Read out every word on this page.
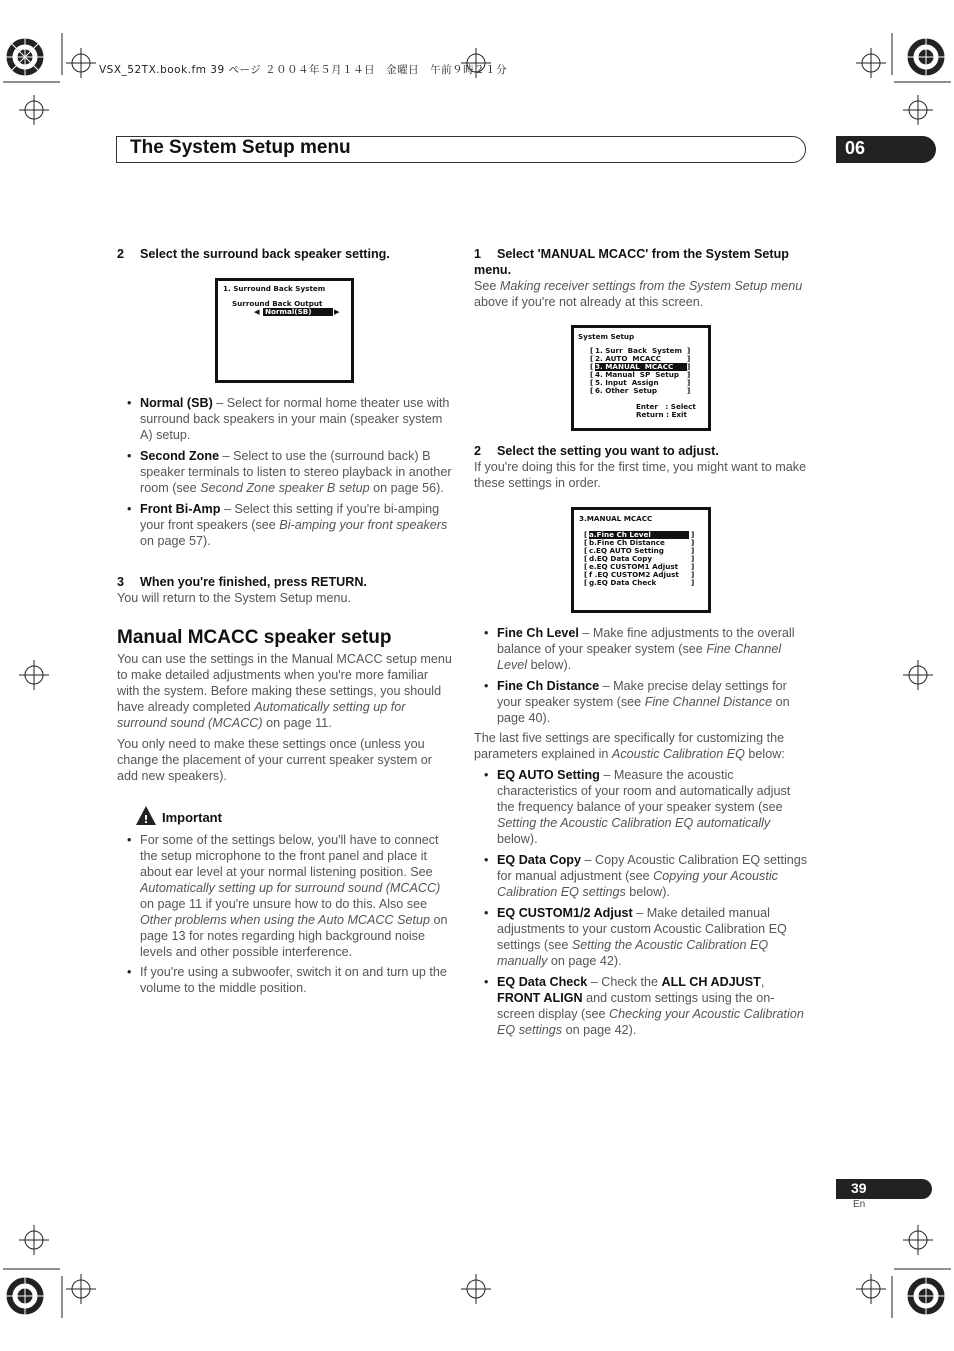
VSX_52TX.book.fm 39 ページ ２００４年５月１４日　金曜日　午前９時２１分
The System Setup menu	06
2 Select the surround back speaker setting.
1. Surround Back System
Surround Back Output
◀ Normal(SB)	▶
• Normal (SB) – Select for normal home theater use with surround back speakers in your main (speaker system A) setup.
• Second Zone – Select to use the (surround back) B speaker terminals to listen to stereo playback in another room (see Second Zone speaker B setup on page 56).
• Front Bi-Amp – Select this setting if you're bi-amping your front speakers (see Bi-amping your front speakers on page 57).
3 When you're finished, press RETURN.
You will return to the System Setup menu.
Manual MCACC speaker setup
You can use the settings in the Manual MCACC setup menu to make detailed adjustments when you're more familiar with the system. Before making these settings, you should have already completed Automatically setting up for surround sound (MCACC) on page 11.
You only need to make these settings once (unless you change the placement of your current speaker system or add new speakers).
! Important
• For some of the settings below, you'll have to connect the setup microphone to the front panel and place it about ear level at your normal listening position. See Automatically setting up for surround sound (MCACC) on page 11 if you're unsure how to do this. Also see Other problems when using the Auto MCACC Setup on page 13 for notes regarding high background noise levels and other possible interference.
• If you're using a subwoofer, switch it on and turn up the volume to the middle position.
1 Select 'MANUAL MCACC' from the System Setup menu.
See Making receiver settings from the System Setup menu above if you're not already at this screen.
System Setup
[
[
[
[
[
[
]
]
]
]
]
]
1. Surr  Back  System
2. AUTO  MCACC
3. MANUAL  MCACC
4. Manual  SP  Setup
5. Input  Assign
6. Other  Setup
Enter   : Select
Return : Exit
2 Select the setting you want to adjust.
If you're doing this for the first time, you might want to make these settings in order.
3.MANUAL MCACC
[
[
[
[
[
[
[
]
]
]
]
]
]
]
a.Fine Ch Level
b.Fine Ch Distance
c.EQ AUTO Setting
d.EQ Data Copy
e.EQ CUSTOM1 Adjust
f .EQ CUSTOM2 Adjust
g.EQ Data Check
• Fine Ch Level – Make fine adjustments to the overall balance of your speaker system (see Fine Channel Level below).
• Fine Ch Distance – Make precise delay settings for your speaker system (see Fine Channel Distance on page 40).
The last five settings are specifically for customizing the parameters explained in Acoustic Calibration EQ below:
• EQ AUTO Setting – Measure the acoustic characteristics of your room and automatically adjust the frequency balance of your speaker system (see Setting the Acoustic Calibration EQ automatically below).
• EQ Data Copy – Copy Acoustic Calibration EQ settings for manual adjustment (see Copying your Acoustic Calibration EQ settings below).
• EQ CUSTOM1/2 Adjust – Make detailed manual adjustments to your custom Acoustic Calibration EQ settings (see Setting the Acoustic Calibration EQ manually on page 42).
• EQ Data Check – Check the ALL CH ADJUST, FRONT ALIGN and custom settings using the on-screen display (see Checking your Acoustic Calibration EQ settings on page 42).
39
En
